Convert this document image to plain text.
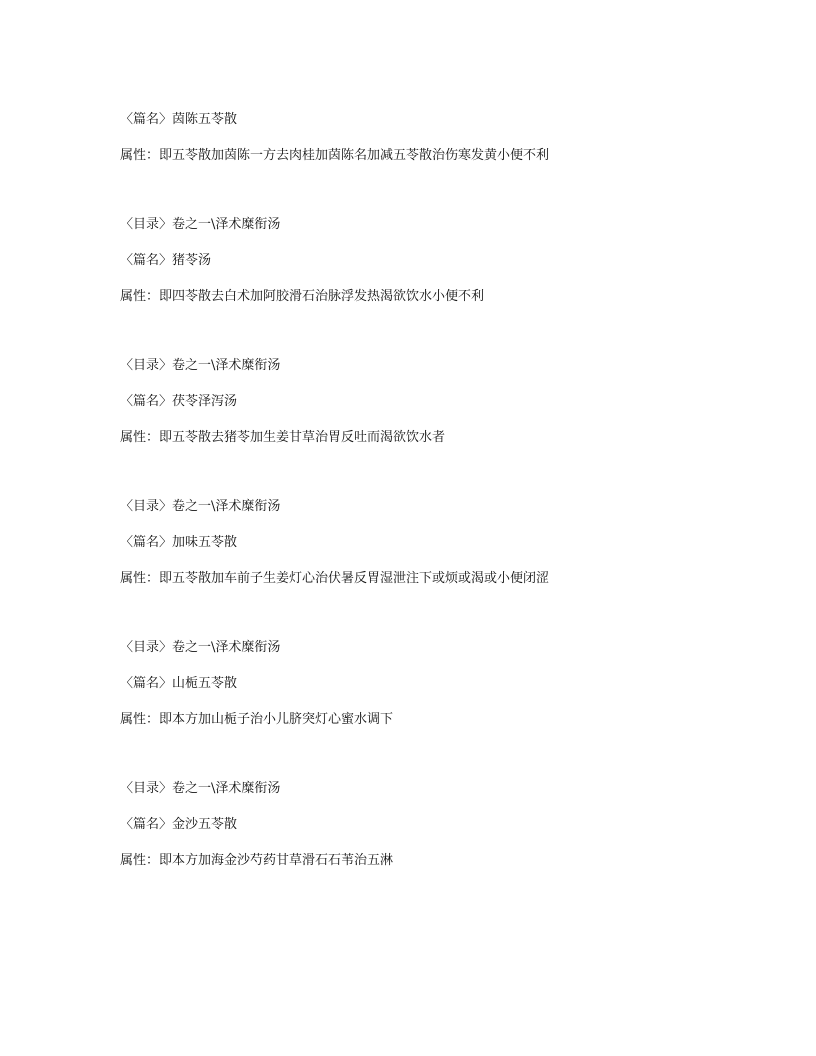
〈篇名〉茵陈五苓散

属性：即五苓散加茵陈一方去肉桂加茵陈名加减五苓散治伤寒发黄小便不利

〈目录〉卷之一\泽术糜衔汤

〈篇名〉猪苓汤

属性：即四苓散去白术加阿胶滑石治脉浮发热渴欲饮水小便不利

〈目录〉卷之一\泽术糜衔汤

〈篇名〉茯苓泽泻汤

属性：即五苓散去猪苓加生姜甘草治胃反吐而渴欲饮水者

〈目录〉卷之一\泽术糜衔汤

〈篇名〉加味五苓散

属性：即五苓散加车前子生姜灯心治伏暑反胃湿泄注下或烦或渴或小便闭涩

〈目录〉卷之一\泽术糜衔汤

〈篇名〉山栀五苓散

属性：即本方加山栀子治小儿脐突灯心蜜水调下

〈目录〉卷之一\泽术糜衔汤

〈篇名〉金沙五苓散

属性：即本方加海金沙芍药甘草滑石石苇治五淋
